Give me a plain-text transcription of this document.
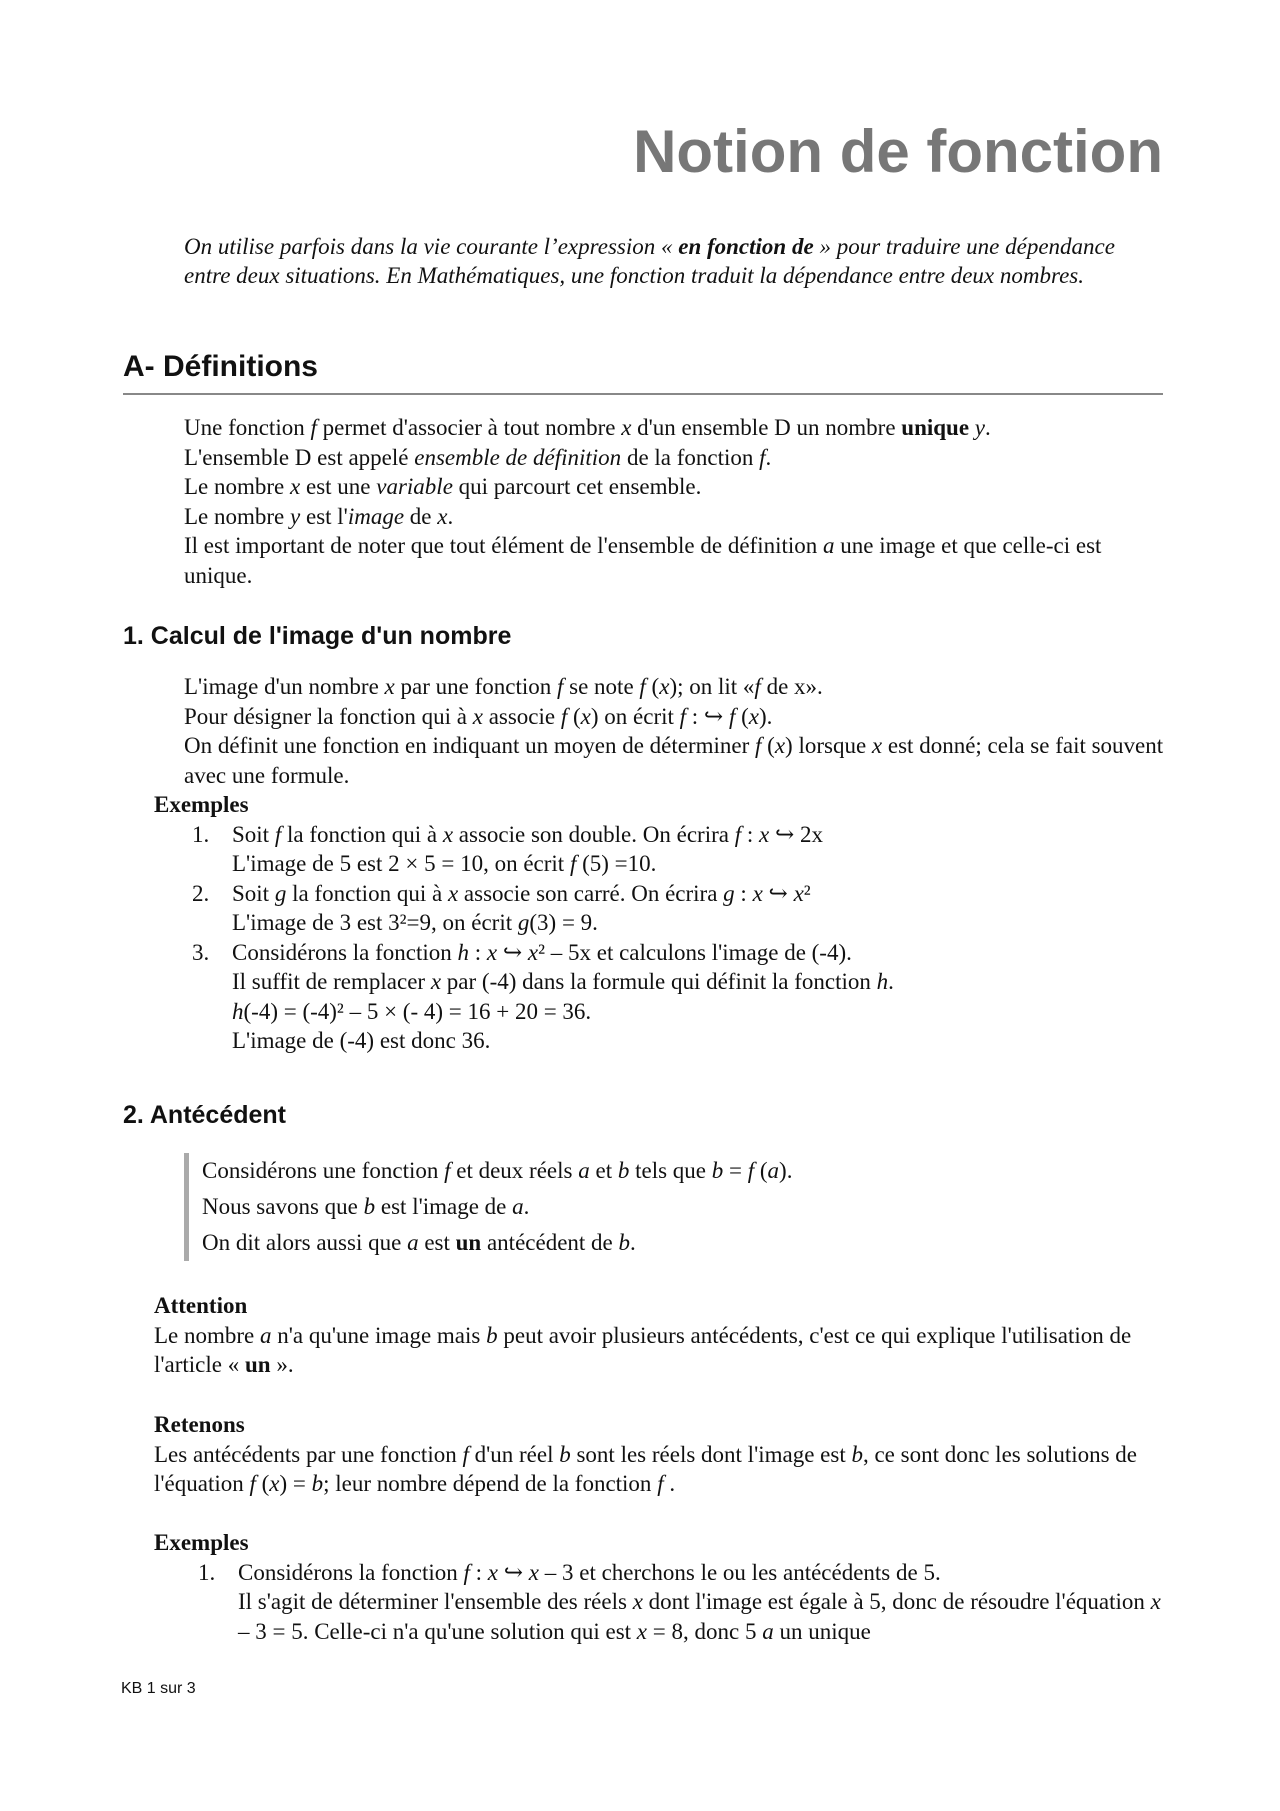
Notion de fonction

On utilise parfois dans la vie courante l’expression « en fonction de » pour traduire une dépendance entre deux situations. En Mathématiques, une fonction traduit la dépendance entre deux nombres.

A- Définitions

Une fonction f permet d'associer à tout nombre x d'un ensemble D un nombre unique y.

L'ensemble D est appelé ensemble de définition de la fonction f.

Le nombre x est une variable qui parcourt cet ensemble.

Le nombre y est l'image de x.

Il est important de noter que tout élément de l'ensemble de définition a une image et que celle-ci est unique.

1. Calcul de l'image d'un nombre

L'image d'un nombre x par une fonction f se note f (x); on lit «f de x».

Pour désigner la fonction qui à x associe f (x) on écrit f : ↪ f (x).

On définit une fonction en indiquant un moyen de déterminer f (x) lorsque x est donné; cela se fait souvent avec une formule.

Exemples

1. Soit f la fonction qui à x associe son double. On écrira f : x ↪ 2x

L'image de 5 est 2 × 5 = 10, on écrit f (5) =10.

2. Soit g la fonction qui à x associe son carré. On écrira g : x ↪ x²

L'image de 3 est 3²=9, on écrit g(3) = 9.

3. Considérons la fonction h : x ↪ x² – 5x et calculons l'image de (-4).

Il suffit de remplacer x par (-4) dans la formule qui définit la fonction h.

h(-4) = (-4)² – 5 × (- 4) = 16 + 20 = 36.

L'image de (-4) est donc 36.

2. Antécédent

Considérons une fonction f et deux réels a et b tels que b = f (a).

Nous savons que b est l'image de a.

On dit alors aussi que a est un antécédent de b.

Attention

Le nombre a n'a qu'une image mais b peut avoir plusieurs antécédents, c'est ce qui explique l'utilisation de l'article « un ».

Retenons

Les antécédents par une fonction f d'un réel b sont les réels dont l'image est b, ce sont donc les solutions de l'équation f (x) = b; leur nombre dépend de la fonction f .

Exemples

1. Considérons la fonction f : x ↪ x – 3 et cherchons le ou les antécédents de 5.

Il s'agit de déterminer l'ensemble des réels x dont l'image est égale à 5, donc de résoudre l'équation x – 3 = 5. Celle-ci n'a qu'une solution qui est x = 8, donc 5 a un unique

KB 1 sur 3
